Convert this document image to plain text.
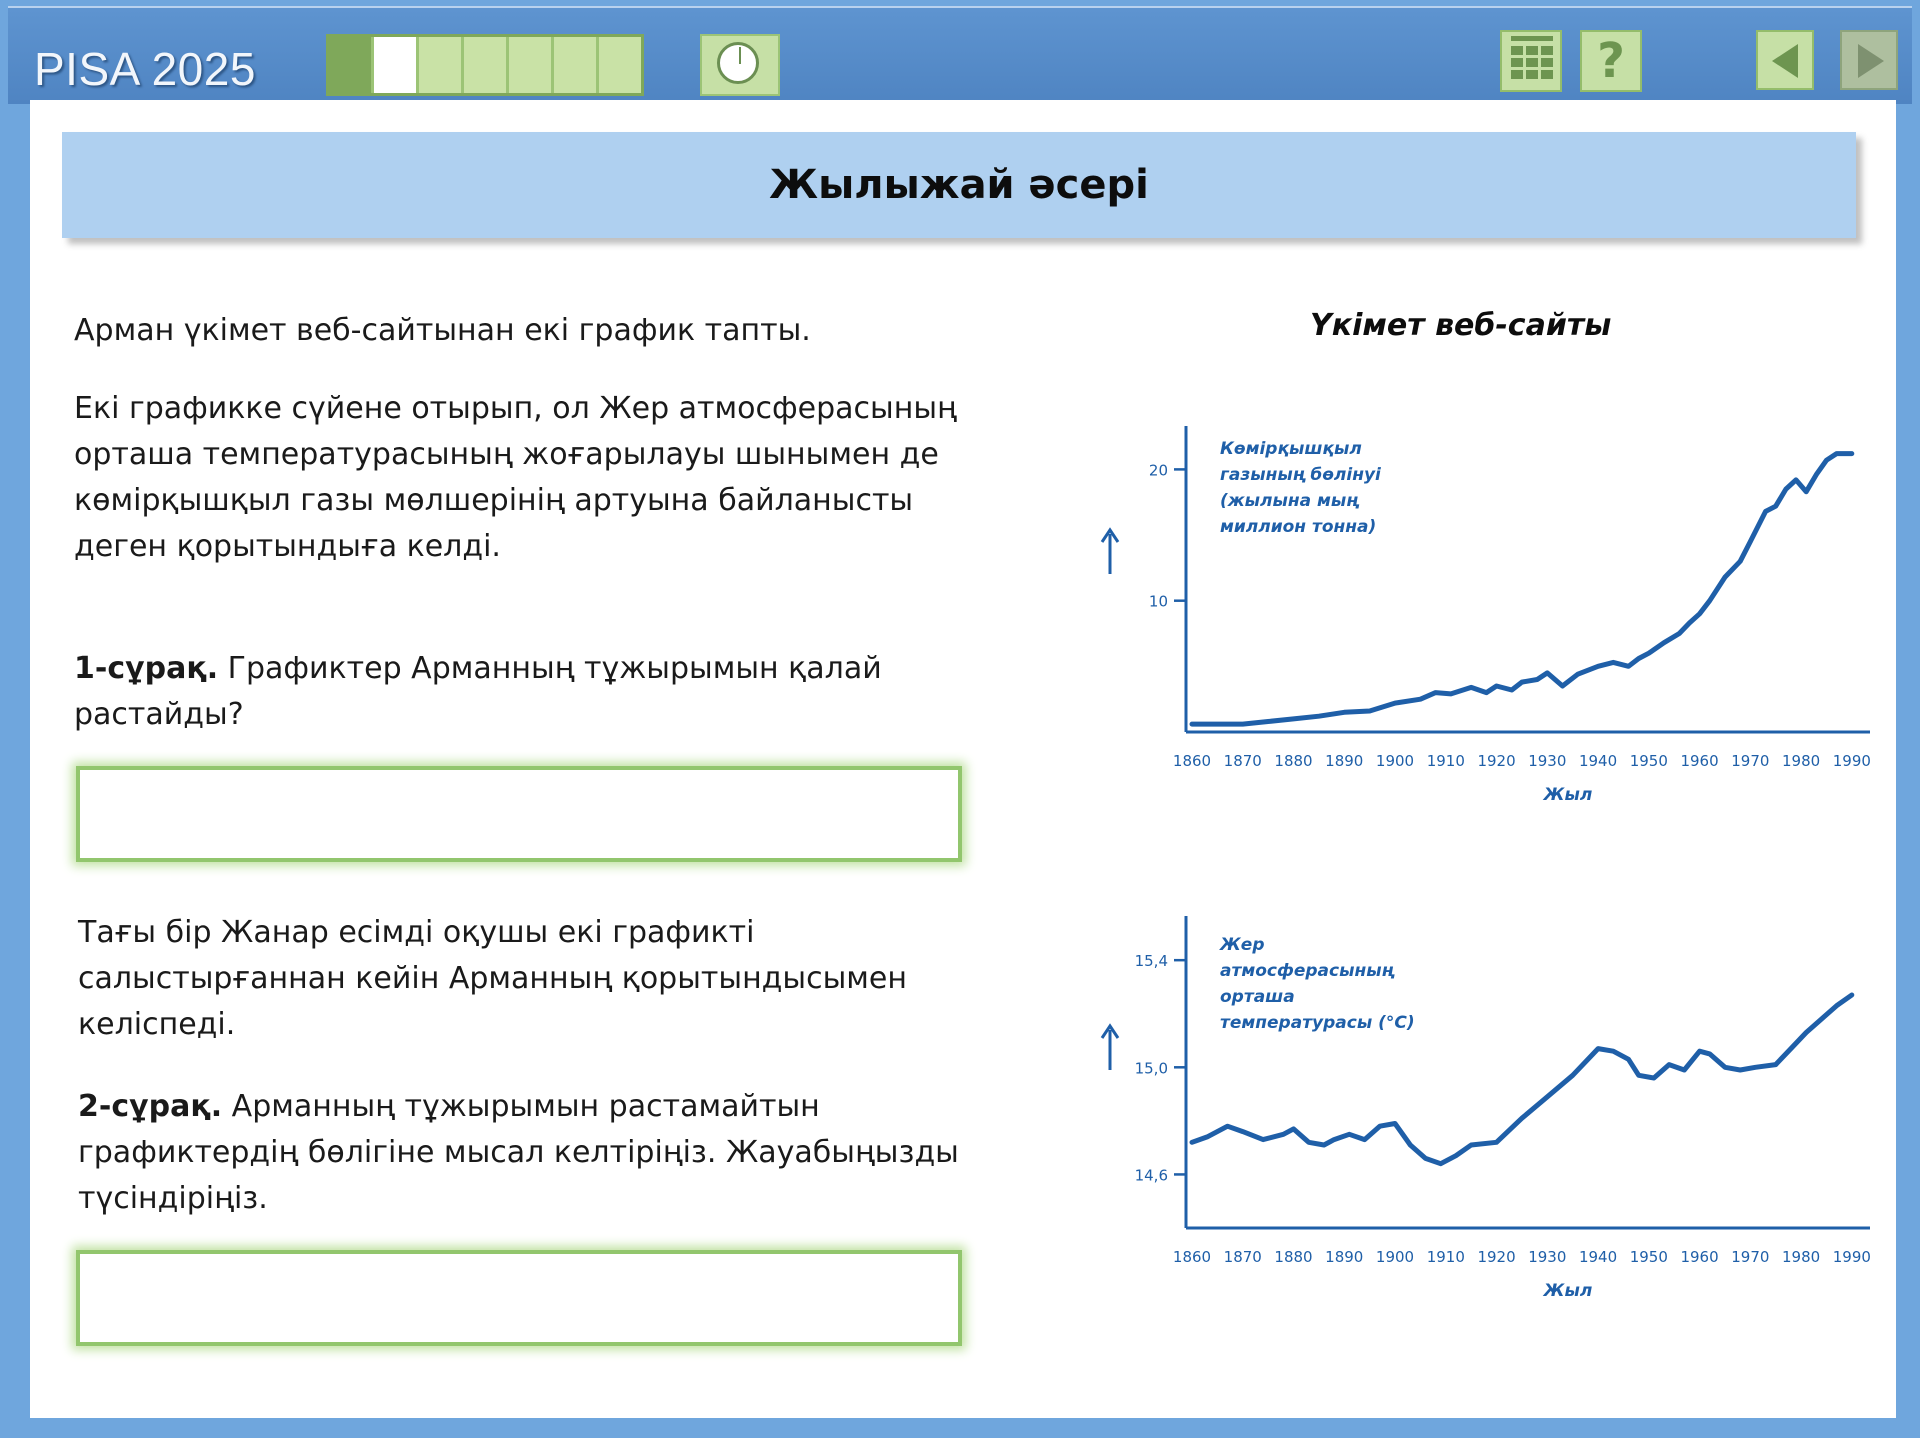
PISA 2025	?
Жылыжай әсері
Арман үкімет веб-сайтынан екі график тапты.
Екі графикке сүйене отырып, ол Жер атмосферасының орташа температурасының жоғарылауы шынымен де көмірқышқыл газы мөлшерінің артуына байланысты деген қорытындыға келді.
1-сұрақ. Графиктер Арманның тұжырымын қалай растайды?
Тағы бір Жанар есімді оқушы екі графикті салыстырғаннан кейін Арманның қорытындысымен келіспеді.
2-сұрақ. Арманның тұжырымын растамайтын графиктердің бөлігіне мысал келтіріңіз. Жауабыңызды түсіндіріңіз.
Үкімет веб-сайты
10
20
1860 1870 1880 1890 1900 1910 1920 1930 1940 1950 1960 1970 1980 1990
Жыл
Көмірқышқыл
газының бөлінуі
(жылына мың
миллион тонна)
14,6
15,0
15,4
1860 1870 1880 1890 1900 1910 1920 1930 1940 1950 1960 1970 1980 1990
Жыл
Жер
атмосферасының
орташа
температурасы (°C)
